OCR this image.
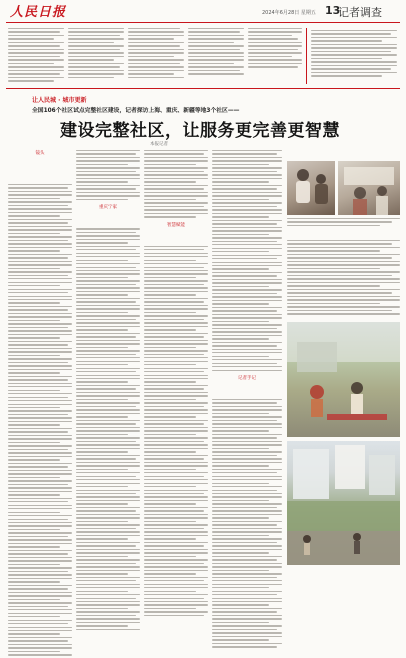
人民日报	2024年6月28日 星期五 13
记者调查
让人民城 · 城市更新
全国106个社区试点完整社区建设，记者探访上海、重庆、新疆等地3个社区——
建设完整社区，让服务更完善更智慧
本报记者
镜头
重庆宁家
智慧赋能
记者手记
